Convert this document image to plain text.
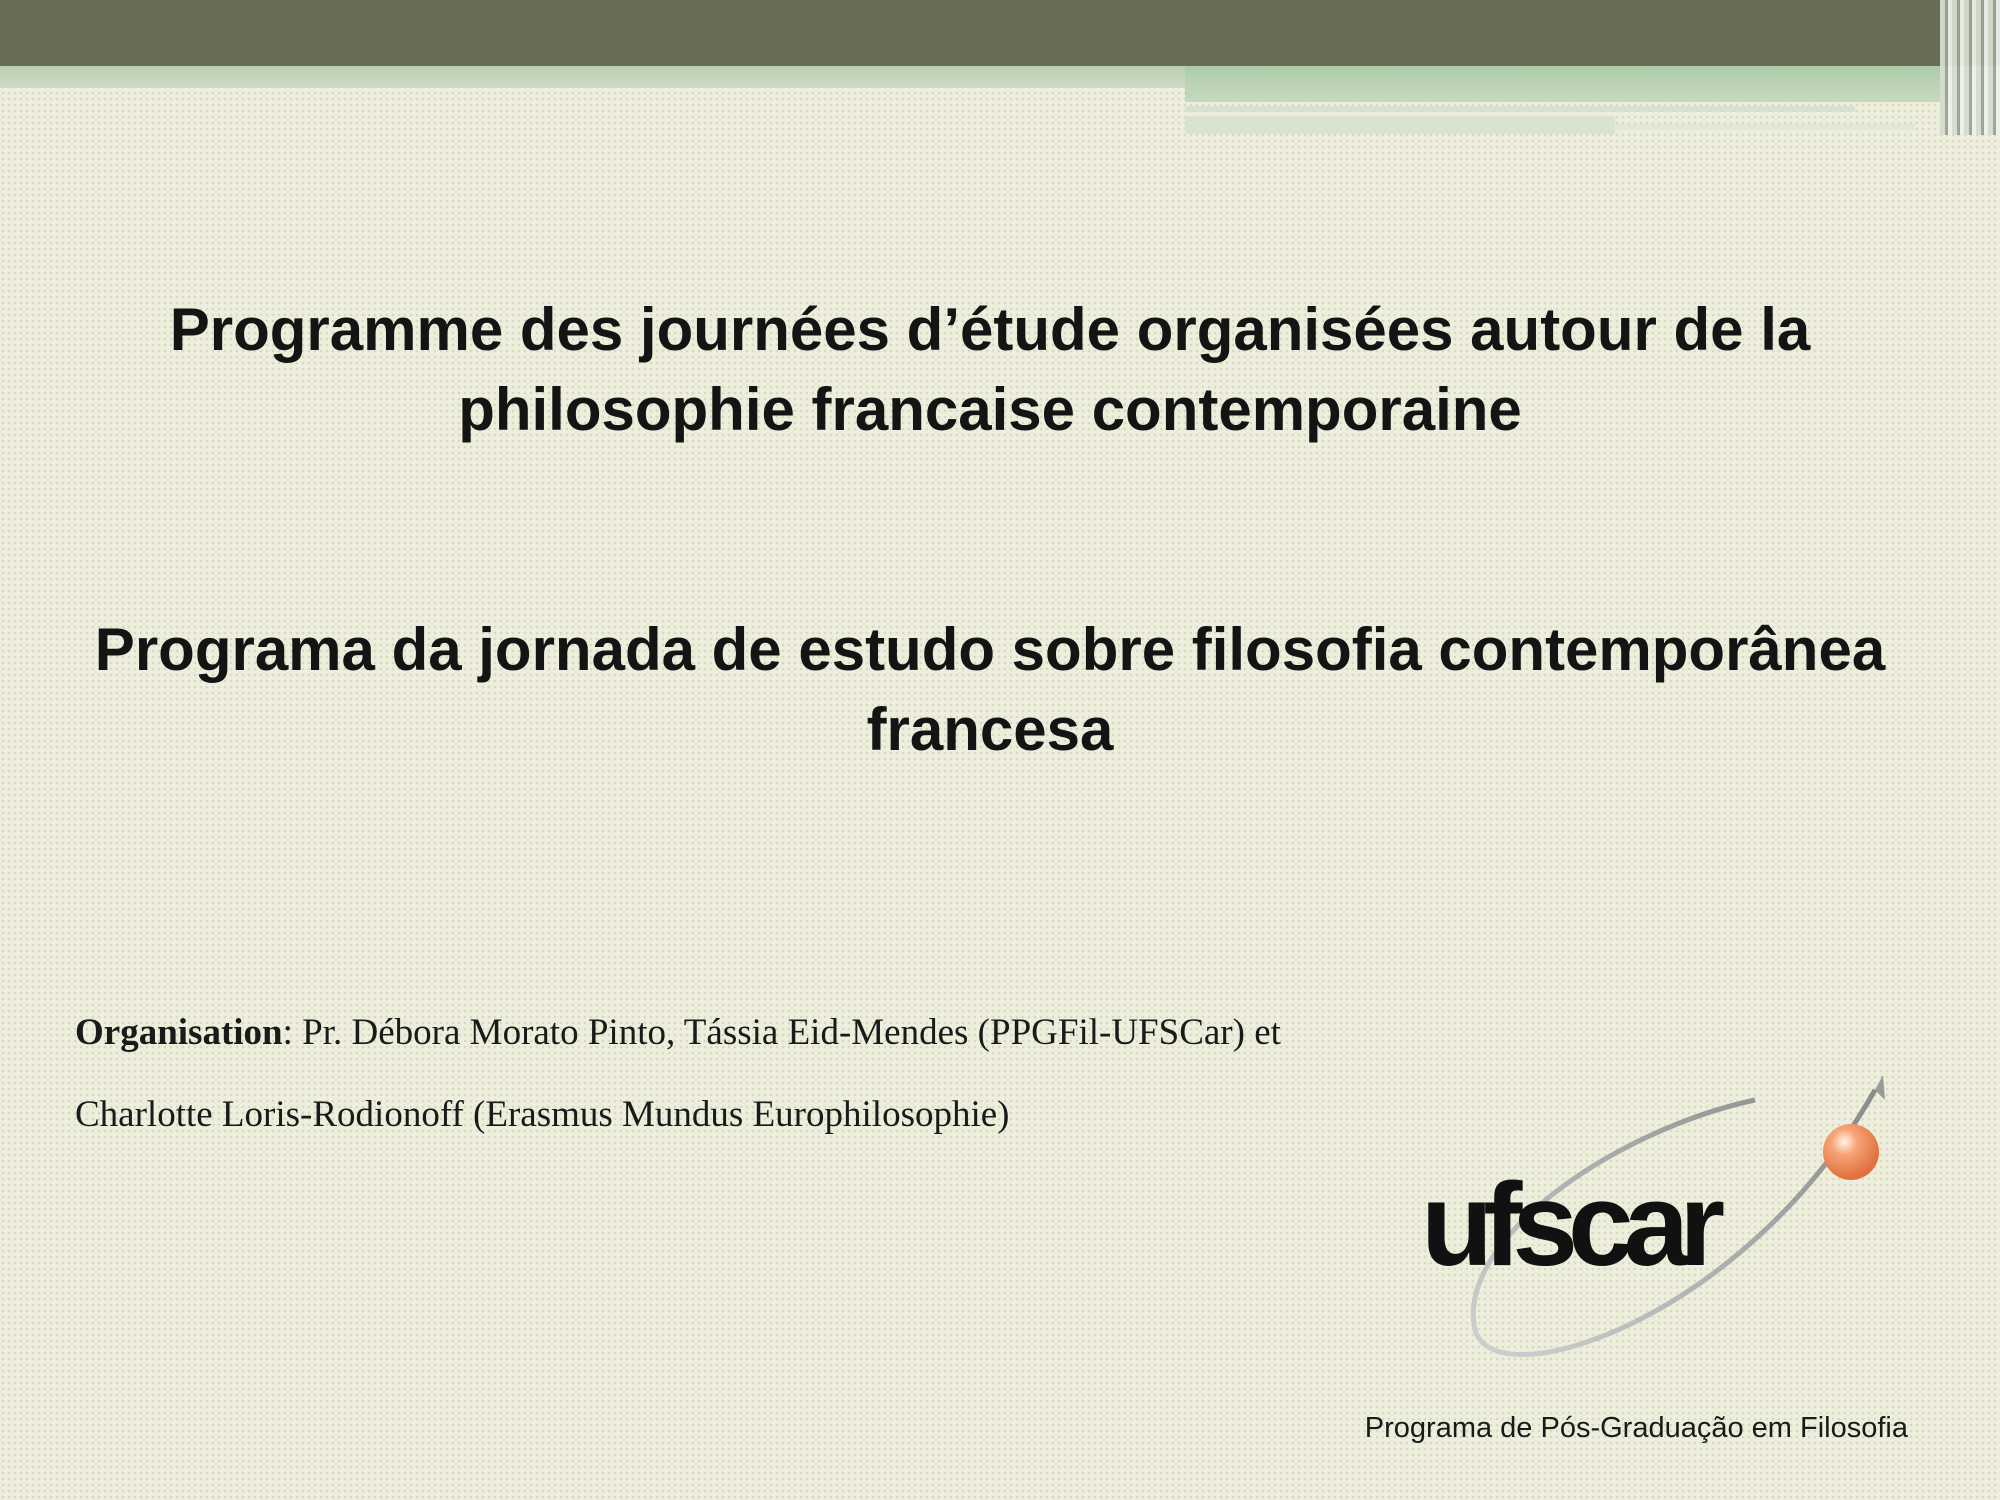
Programme des journées d’étude organisées autour de la philosophie francaise contemporaine
Programa da jornada de estudo sobre filosofia contemporânea francesa
Organisation: Pr. Débora Morato Pinto, Tássia Eid-Mendes (PPGFil-UFSCar) et
Charlotte Loris-Rodionoff (Erasmus Mundus Europhilosophie)
ufscar
Programa de Pós-Graduação em Filosofia
